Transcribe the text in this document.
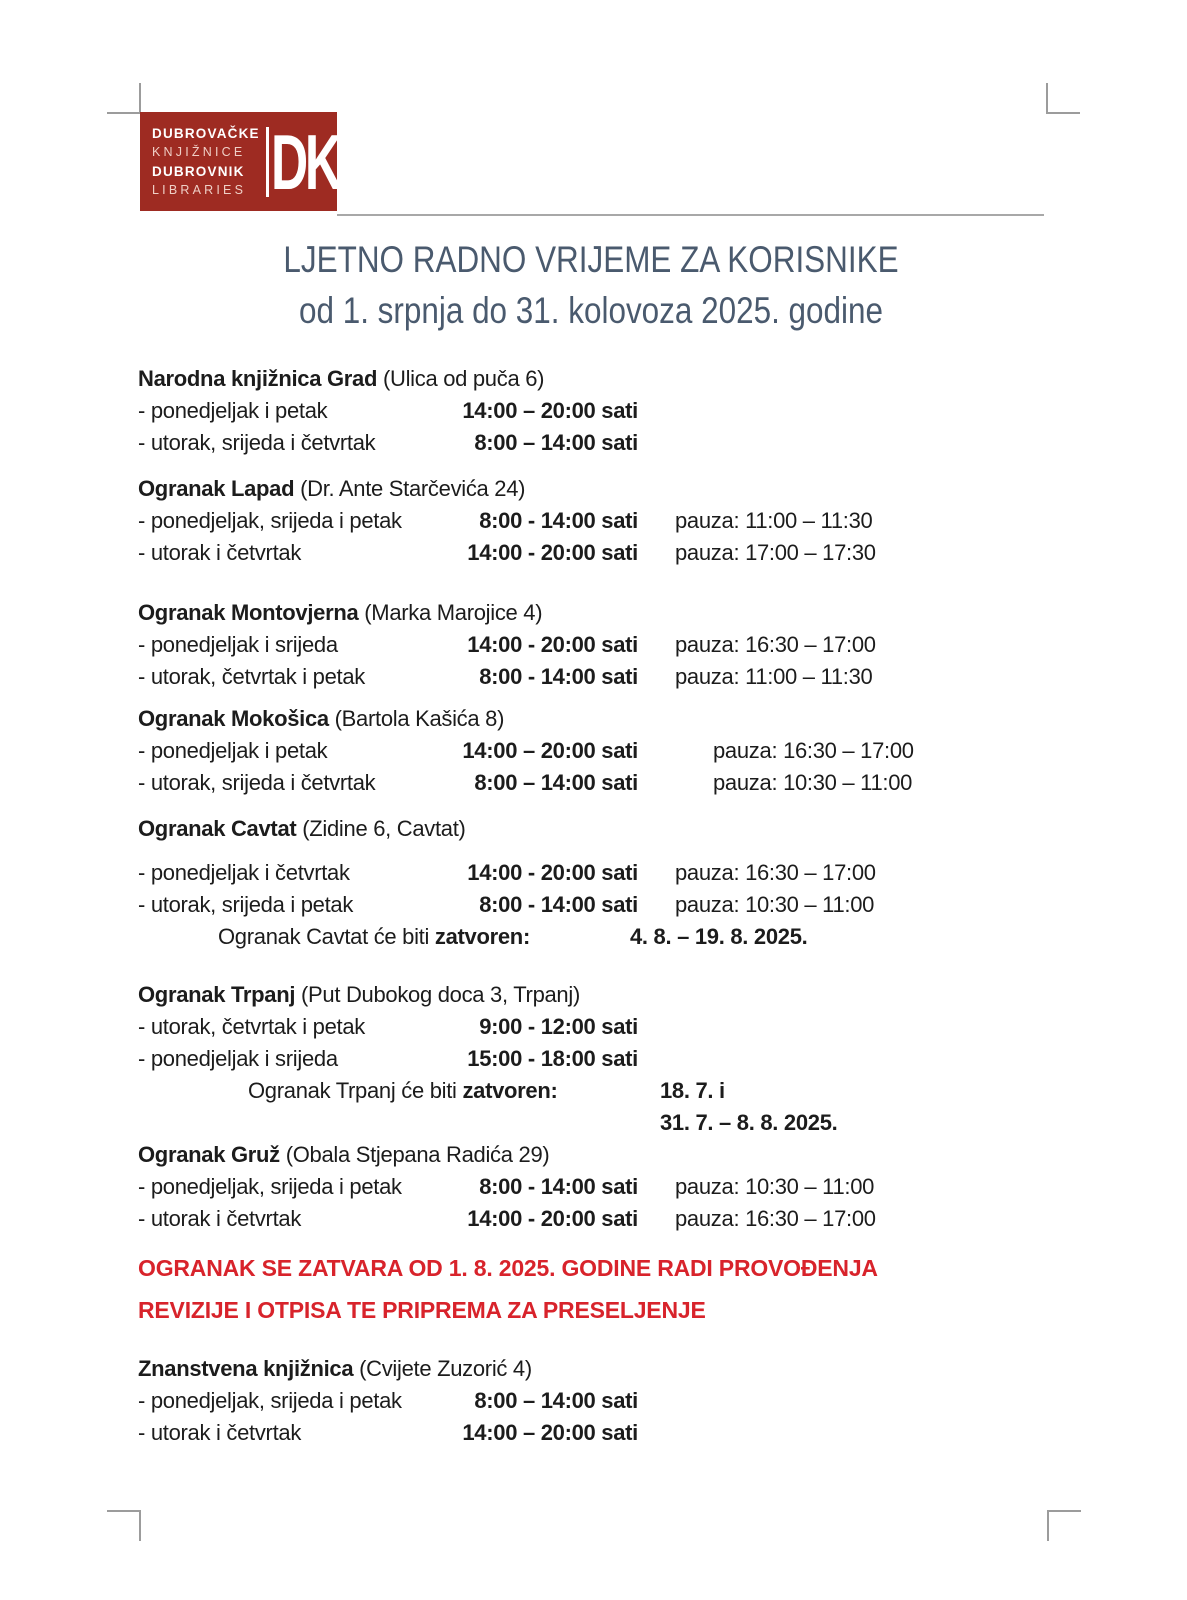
DUBROVAČKE
KNJIŽNICE
DUBROVNIK
LIBRARIES DK
LJETNO RADNO VRIJEME ZA KORISNIKE
od 1. srpnja do 31. kolovoza 2025. godine
Narodna knjižnica Grad (Ulica od puča 6)
- ponedjeljak i petak	14:00 – 20:00 sati
- utorak, srijeda i četvrtak	8:00 – 14:00 sati
Ogranak Lapad (Dr. Ante Starčevića 24)
- ponedjeljak, srijeda i petak	8:00 - 14:00 sati pauza: 11:00 – 11:30
- utorak i četvrtak	14:00 - 20:00 sati pauza: 17:00 – 17:30
Ogranak Montovjerna (Marka Marojice 4)
- ponedjeljak i srijeda	14:00 - 20:00 sati pauza: 16:30 – 17:00
- utorak, četvrtak i petak	8:00 - 14:00 sati pauza: 11:00 – 11:30
Ogranak Mokošica (Bartola Kašića 8)
- ponedjeljak i petak	14:00 – 20:00 sati	pauza: 16:30 – 17:00
- utorak, srijeda i četvrtak	8:00 – 14:00 sati	pauza: 10:30 – 11:00
Ogranak Cavtat (Zidine 6, Cavtat)
- ponedjeljak i četvrtak	14:00 - 20:00 sati pauza: 16:30 – 17:00
- utorak, srijeda i petak	8:00 - 14:00 sati pauza: 10:30 – 11:00
Ogranak Cavtat će biti zatvoren:	4. 8. – 19. 8. 2025.
Ogranak Trpanj (Put Dubokog doca 3, Trpanj)
- utorak, četvrtak i petak	9:00 - 12:00 sati
- ponedjeljak i srijeda	15:00 - 18:00 sati
Ogranak Trpanj će biti zatvoren:	18. 7. i
31. 7. – 8. 8. 2025.
Ogranak Gruž (Obala Stjepana Radića 29)
- ponedjeljak, srijeda i petak	8:00 - 14:00 sati pauza: 10:30 – 11:00
- utorak i četvrtak	14:00 - 20:00 sati pauza: 16:30 – 17:00
OGRANAK SE ZATVARA OD 1. 8. 2025. GODINE RADI PROVOĐENJA
REVIZIJE I OTPISA TE PRIPREMA ZA PRESELJENJE
Znanstvena knjižnica (Cvijete Zuzorić 4)
- ponedjeljak, srijeda i petak	8:00 – 14:00 sati
- utorak i četvrtak	14:00 – 20:00 sati
